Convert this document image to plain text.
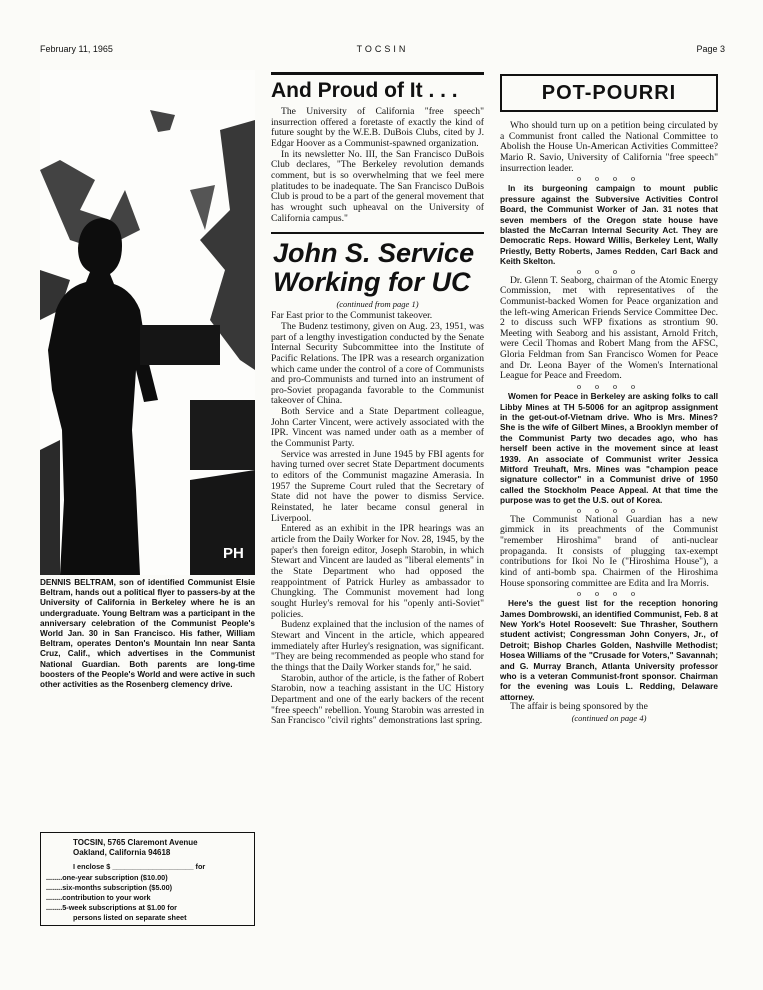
February 11, 1965	TOCSIN	Page 3
PH
DENNIS BELTRAM, son of identified Communist Elsie Beltram, hands out a political flyer to passers-by at the University of California in Berkeley where he is an undergraduate. Young Beltram was a participant in the anniversary celebration of the Communist People's World Jan. 30 in San Francisco. His father, William Beltram, operates Denton's Mountain Inn near Santa Cruz, Calif., which advertises in the Communist National Guardian. Both parents are long-time boosters of the People's World and were active in such other activities as the Rosenberg clemency drive.
TOCSIN, 5765 Claremont Avenue
Oakland, California 94618
I enclose $ ____________________ for
........one-year subscription ($10.00)
........six-months subscription ($5.00)
........contribution to your work
........5-week subscriptions at $1.00 for
persons listed on separate sheet
And Proud of It . . .

The University of California "free speech" insurrection offered a foretaste of exactly the kind of future sought by the W.E.B. DuBois Clubs, cited by J. Edgar Hoover as a Communist-spawned organization.

In its newsletter No. III, the San Francisco DuBois Club declares, "The Berkeley revolution demands comment, but is so overwhelming that we feel mere platitudes to be inadequate. The San Francisco DuBois Club is proud to be a part of the general movement that has wrought such upheaval on the University of California campus."

John S. Service
Working for UC
(continued from page 1)

Far East prior to the Communist takeover.

The Budenz testimony, given on Aug. 23, 1951, was part of a lengthy investigation conducted by the Senate Internal Security Subcommittee into the Institute of Pacific Relations. The IPR was a research organization which came under the control of a core of Communists and pro-Communists and turned into an instrument of pro-Soviet propaganda favorable to the Communist takeover of China.

Both Service and a State Department colleague, John Carter Vincent, were actively associated with the IPR. Vincent was named under oath as a member of the Communist Party.

Service was arrested in June 1945 by FBI agents for having turned over secret State Department documents to editors of the Communist magazine Amerasia. In 1957 the Supreme Court ruled that the Secretary of State did not have the power to dismiss Service. Reinstated, he later became consul general in Liverpool.

Entered as an exhibit in the IPR hearings was an article from the Daily Worker for Nov. 28, 1945, by the paper's then foreign editor, Joseph Starobin, in which Stewart and Vincent are lauded as "liberal elements" in the State Department who had opposed the reappointment of Patrick Hurley as ambassador to Chungking. The Communist movement had long sought Hurley's removal for his "openly anti-Soviet" policies.

Budenz explained that the inclusion of the names of Stewart and Vincent in the article, which appeared immediately after Hurley's resignation, was significant. "They are being recommended as people who stand for the things that the Daily Worker stands for," he said.

Starobin, author of the article, is the father of Robert Starobin, now a teaching assistant in the UC History Department and one of the early backers of the recent "free speech" rebellion. Young Starobin was arrested in San Francisco "civil rights" demonstrations last spring.

POT-POURRI

Who should turn up on a petition being circulated by a Communist front called the National Committee to Abolish the House Un-American Activities Committee? Mario R. Savio, University of California "free speech" insurrection leader.

o o o o

In its burgeoning campaign to mount public pressure against the Subversive Activities Control Board, the Communist Worker of Jan. 31 notes that seven members of the Oregon state house have blasted the McCarran Internal Security Act. They are Democratic Reps. Howard Willis, Berkeley Lent, Wally Priestly, Betty Roberts, James Redden, Carl Back and Keith Skelton.

o o o o

Dr. Glenn T. Seaborg, chairman of the Atomic Energy Commission, met with representatives of the Communist-backed Women for Peace organization and the left-wing American Friends Service Committee Dec. 2 to discuss such WFP fixations as strontium 90. Meeting with Seaborg and his assistant, Arnold Fritch, were Cecil Thomas and Robert Mang from the AFSC, Gloria Feldman from San Francisco Women for Peace and Dr. Leona Bayer of the Women's International League for Peace and Freedom.

o o o o

Women for Peace in Berkeley are asking folks to call Libby Mines at TH 5-5006 for an agitprop assignment in the get-out-of-Vietnam drive. Who is Mrs. Mines? She is the wife of Gilbert Mines, a Brooklyn member of the Communist Party two decades ago, who has herself been active in the movement since at least 1939. An associate of Communist writer Jessica Mitford Treuhaft, Mrs. Mines was "champion peace signature collector" in a Communist drive of 1950 called the Stockholm Peace Appeal. At that time the purpose was to get the U.S. out of Korea.

o o o o

The Communist National Guardian has a new gimmick in its preachments of the Communist "remember Hiroshima" brand of anti-nuclear propaganda. It consists of plugging tax-exempt contributions for Ikoi No Ie ("Hiroshima House"), a kind of anti-bomb spa. Chairmen of the Hiroshima House sponsoring committee are Edita and Ira Morris.

o o o o

Here's the guest list for the reception honoring James Dombrowski, an identified Communist, Feb. 8 at New York's Hotel Roosevelt: Sue Thrasher, Southern student activist; Congressman John Conyers, Jr., of Detroit; Bishop Charles Golden, Nashville Methodist; Hosea Williams of the "Crusade for Voters," Savannah; and G. Murray Branch, Atlanta University professor who is a veteran Communist-front sponsor. Chairman for the evening was Louis L. Redding, Delaware attorney.

The affair is being sponsored by the

(continued on page 4)
